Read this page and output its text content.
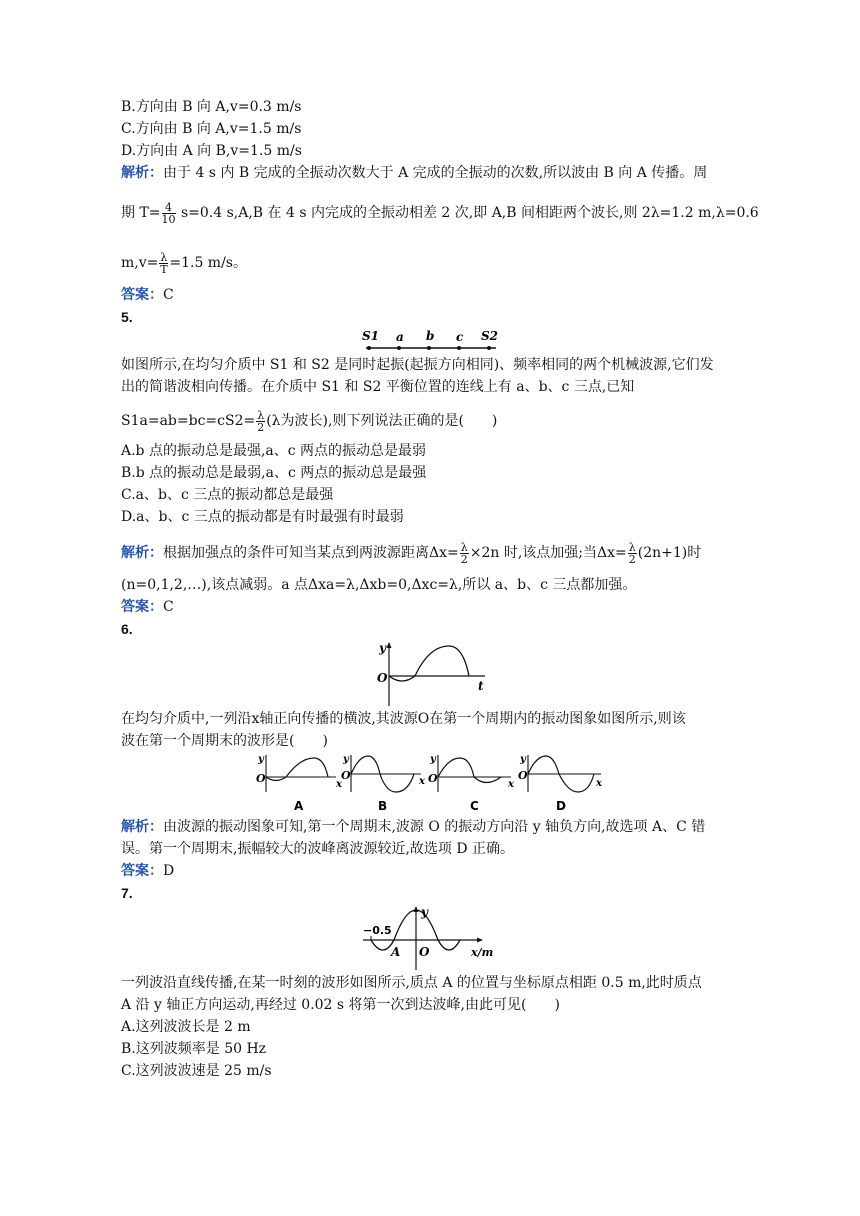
B.方向由 B 向 A,v=0.3 m/s
C.方向由 B 向 A,v=1.5 m/s
D.方向由 A 向 B,v=1.5 m/s
解析：由于 4 s 内 B 完成的全振动次数大于 A 完成的全振动的次数,所以波由 B 向 A 传播。周
期 $T= \frac{4}{10} s=0.4$ s,A,B 在 4 s 内完成的全振动相差 2 次,即 A,B 间相距两个波长,则 2λ=1.2 m,λ=0.6
$m,v= \frac{\lambda}{T} =1.5$ m/s。
答案：C
5.
S1 a b c S2
如图所示,在均匀介质中 S1 和 S2 是同时起振(起振方向相同)、频率相同的两个机械波源,它们发
出的简谐波相向传播。在介质中 S1 和 S2 平衡位置的连线上有 a、b、c 三点,已知
$S1a=ab=bc=cS2= \frac{\lambda}{2} (\lambda$为波长),则下列说法正确的是(　　)
A.b 点的振动总是最强,a、c 两点的振动总是最弱
B.b 点的振动总是最弱,a、c 两点的振动总是最强
C.a、b、c 三点的振动都总是最强
D.a、b、c 三点的振动都是有时最强有时最弱
解析：根据加强点的条件可知当某点到两波源距离$\Delta x= \frac{\lambda}{2} \times 2n$ 时,该点加强;当$\Delta x= \frac{\lambda}{2} (2n+1)$时
(n=0,1,2,…),该点减弱。a 点Δxa=λ,Δxb=0,Δxc=λ,所以 a、b、c 三点都加强。
答案：C
6.
y
O
t
在均匀介质中,一列沿x轴正向传播的横波,其波源O在第一个周期内的振动图象如图所示,则该
波在第一个周期末的波形是(　　)
y
O	x
A
y
O	x
B
y
O	x
C
y
O
x
D
解析：由波源的振动图象可知,第一个周期末,波源 O 的振动方向沿 y 轴负方向,故选项 A、C 错
误。第一个周期末,振幅较大的波峰离波源较近,故选项 D 正确。
答案：D
7.
y
−0.5
A O	x/m
一列波沿直线传播,在某一时刻的波形如图所示,质点 A 的位置与坐标原点相距 0.5 m,此时质点
A 沿 y 轴正方向运动,再经过 0.02 s 将第一次到达波峰,由此可见(　　)
A.这列波波长是 2 m
B.这列波频率是 50 Hz
C.这列波波速是 25 m/s
